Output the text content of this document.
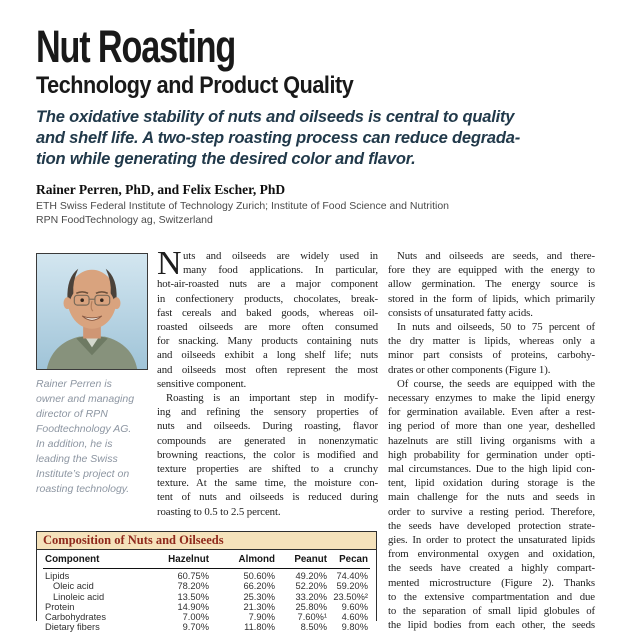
Nut Roasting
Technology and Product Quality
The oxidative stability of nuts and oilseeds is central to quality
and shelf life. A two-step roasting process can reduce degrada-
tion while generating the desired color and flavor.
Rainer Perren, PhD, and Felix Escher, PhD
ETH Swiss Federal Institute of Technology Zurich; Institute of Food Science and Nutrition
RPN FoodTechnology ag, Switzerland
Rainer Perren is
owner and managing
director of RPN
Foodtechnology AG.
In addition, he is
leading the Swiss
Institute’s project on
roasting technology.
N uts and oilseeds are widely used in
many food applications. In particular,
hot-air-roasted nuts are a major component
in confectionery products, chocolates, break-
fast cereals and baked goods, whereas oil-
roasted oilseeds are more often consumed
for snacking. Many products containing nuts
and oilseeds exhibit a long shelf life; nuts
and oilseeds most often represent the most
sensitive component.
Roasting is an important step in modify-
ing and refining the sensory properties of
nuts and oilseeds. During roasting, flavor
compounds are generated in nonenzymatic
browning reactions, the color is modified and
texture properties are shifted to a crunchy
texture. At the same time, the moisture con-
tent of nuts and oilseeds is reduced during
roasting to 0.5 to 2.5 percent.
Nuts and oilseeds are seeds, and there-
fore they are equipped with the energy to
allow germination. The energy source is
stored in the form of lipids, which primarily
consists of unsaturated fatty acids.
In nuts and oilseeds, 50 to 75 percent of
the dry matter is lipids, whereas only a
minor part consists of proteins, carbohy-
drates or other components (Figure 1).
Of course, the seeds are equipped with the
necessary enzymes to make the lipid energy
for germination available. Even after a rest-
ing period of more than one year, deshelled
hazelnuts are still living organisms with a
high probability for germination under opti-
mal circumstances. Due to the high lipid con-
tent, lipid oxidation during storage is the
main challenge for the nuts and seeds in
order to survive a resting period. Therefore,
the seeds have developed protection strate-
gies. In order to protect the unsaturated lipids
from environmental oxygen and oxidation,
the seeds have created a highly compart-
mented microstructure (Figure 2). Thanks
to the extensive compartmentation and due
to the separation of small lipid globules of
the lipid bodies from each other, the seeds
Composition of Nuts and Oilseeds
Component	Hazelnut	Almond	Peanut	Pecan
Lipids	60.75%	50.60%	49.20%	74.40%
Oleic acid	78.20%	66.20%	52.20%	59.20%
Linoleic acid	13.50%	25.30%	33.20% 23.50%²
Protein	14.90%	21.30%	25.80%	9.60%
Carbohydrates	7.00%	7.90%	7.60%¹	4.60%
Dietary fibers	9.70%	11.80%	8.50%	9.80%
